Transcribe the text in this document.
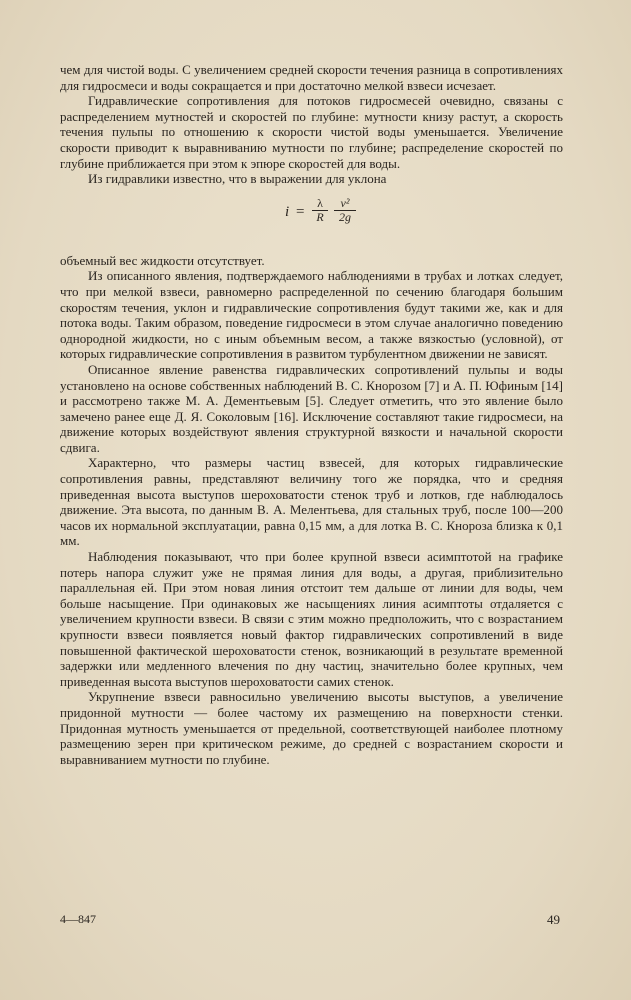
чем для чистой воды. С увеличением средней скорости течения разница в сопротивлениях для гидросмеси и воды сокращается и при достаточно мелкой взвеси исчезает.

Гидравлические сопротивления для потоков гидросмесей очевидно, связаны с распределением мутностей и скоростей по глубине: мутности книзу растут, а скорость течения пульпы по отношению к скорости чистой воды уменьшается. Увеличение скорости приводит к выравниванию мутности по глубине; распределение скоростей по глубине приближается при этом к эпюре скоростей для воды.

Из гидравлики известно, что в выражении для уклона

$i = \frac{\lambda}{R} \frac{\text{v²}}{2g}$

объемный вес жидкости отсутствует.

Из описанного явления, подтверждаемого наблюдениями в трубах и лотках следует, что при мелкой взвеси, равномерно распределенной по сечению благодаря большим скоростям течения, уклон и гидравлические сопротивления будут такими же, как и для потока воды. Таким образом, поведение гидросмеси в этом случае аналогично поведению однородной жидкости, но с иным объемным весом, а также вязкостью (условной), от которых гидравлические сопротивления в развитом турбулентном движении не зависят.

Описанное явление равенства гидравлических сопротивлений пульпы и воды установлено на основе собственных наблюдений В. С. Кнорозом [7] и А. П. Юфиным [14] и рассмотрено также М. А. Дементьевым [5]. Следует отметить, что это явление было замечено ранее еще Д. Я. Соколовым [16]. Исключение составляют такие гидросмеси, на движение которых воздействуют явления структурной вязкости и начальной скорости сдвига.

Характерно, что размеры частиц взвесей, для которых гидравлические сопротивления равны, представляют величину того же порядка, что и средняя приведенная высота выступов шероховатости стенок труб и лотков, где наблюдалось движение. Эта высота, по данным В. А. Мелентьева, для стальных труб, после 100—200 часов их нормальной эксплуатации, равна 0,15 мм, а для лотка В. С. Кнороза близка к 0,1 мм.

Наблюдения показывают, что при более крупной взвеси асимптотой на графике потерь напора служит уже не прямая линия для воды, а другая, приблизительно параллельная ей. При этом новая линия отстоит тем дальше от линии для воды, чем больше насыщение. При одинаковых же насыщениях линия асимптоты отдаляется с увеличением крупности взвеси. В связи с этим можно предположить, что с возрастанием крупности взвеси появляется новый фактор гидравлических сопротивлений в виде повышенной фактической шероховатости стенок, возникающий в результате временной задержки или медленного влечения по дну частиц, значительно более крупных, чем приведенная высота выступов шероховатости самих стенок.

Укрупнение взвеси равносильно увеличению высоты выступов, а увеличение придонной мутности — более частому их размещению на поверхности стенки. Придонная мутность уменьшается от предельной, соответствующей наиболее плотному размещению зерен при критическом режиме, до средней с возрастанием скорости и выравниванием мутности по глубине.

4—847	49
